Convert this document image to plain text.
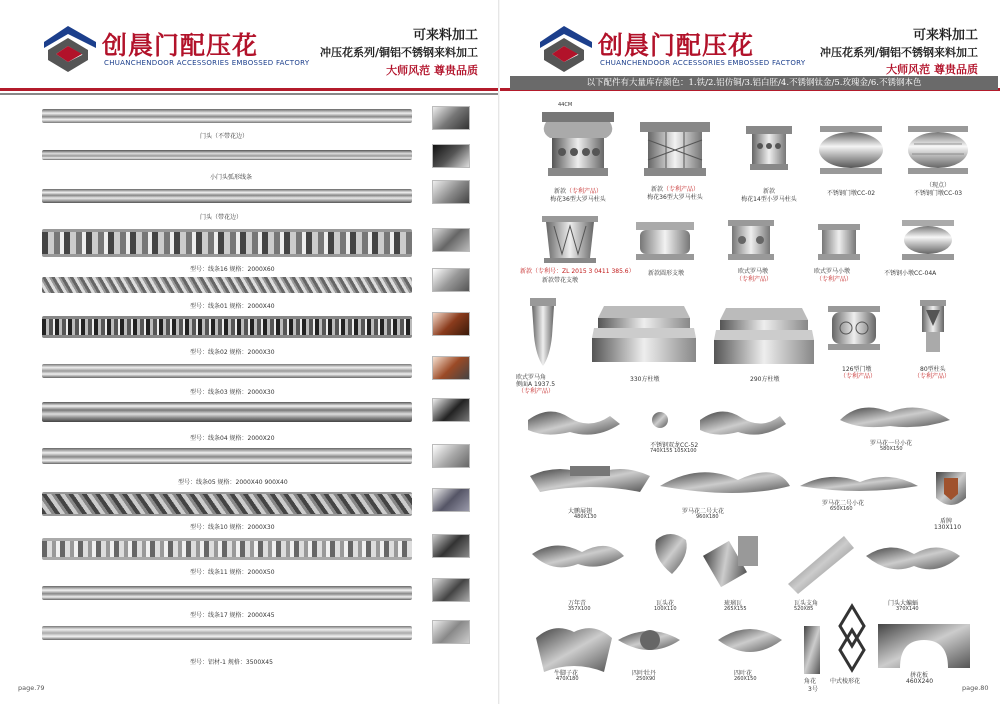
创晨门配压花
CHUANCHENDOOR ACCESSORIES EMBOSSED FACTORY
可来料加工
冲压花系列/铜铝不锈钢来料加工
大师风范 尊贵品质
门头（不带花边）
小门头弧形线条
门头（带花边）
型号：线条16 规格：2000X60
型号：线条01 规格：2000X40
型号：线条02 规格：2000X30
型号：线条03 规格：2000X30
型号：线条04 规格：2000X20
型号：线条05 规格：2000X40 900X40
型号：线条10 规格：2000X30
型号：线条11 规格：2000X50
型号：线条17 规格：2000X45
型号：铝材-1 规格：3500X45
page.79
创晨门配压花
CHUANCHENDOOR ACCESSORIES EMBOSSED FACTORY
可来料加工
冲压花系列/铜铝不锈钢来料加工
大师风范 尊贵品质
以下配件有大量库存颜色：1.铁/2.铝仿铜/3.铝白胚/4.不锈钢钛金/5.玫瑰金/6.不锈钢本色
新款（专利产品）
梅花36型大罗马柱头
44CM
新款（专利产品）
梅花36型大罗马柱头
新款
梅花14型小罗马柱头
不锈钢门墩CC-02
（现点）
不锈钢门墩CC-03
新款（专利号：ZL 2015 3 0411 385.6）
新款带花支墩
新款圆形支墩	欧式罗马墩
（专利产品）
欧式罗马小墩
（专利产品）
不锈钢小墩CC-04A
欧式罗马角
侧面A 1937.5
（专利产品）
330方柱墩	290方柱墩
126型门墩
（专利产品）
80型柱头
（专利产品）
不锈钢双龙CC-52
740X155 105X100
罗马花一号小花
580X150
大鹏展翅
480X130
罗马花二号大花
960X180
罗马花二号小花
650X160
盾牌
130X110
万年青
357X100
瓦头花
100X110
琉璃瓦
265X155
瓦头支角
520X85
门头大蝙蝠
370X140
牛脚子花
470X180
四叶牡丹
250X90
四叶花
260X150	角花
3号
中式棱形花
拼花板
460X240
page.80
